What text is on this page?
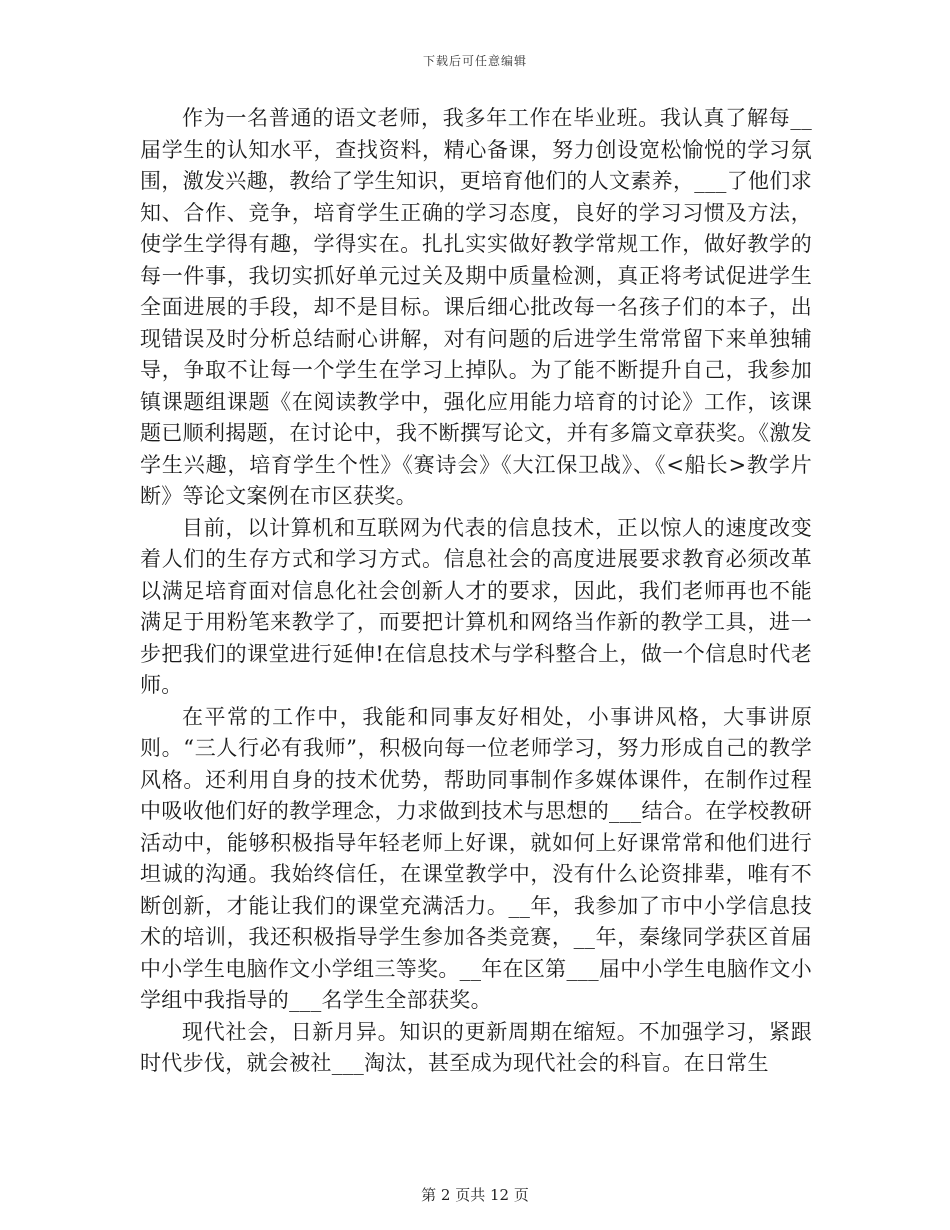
下载后可任意编辑

作为一名普通的语文老师，我多年工作在毕业班。我认真了解每__届学生的认知水平，查找资料，精心备课，努力创设宽松愉悦的学习氛围，激发兴趣，教给了学生知识，更培育他们的人文素养，___了他们求知、合作、竞争，培育学生正确的学习态度，良好的学习习惯及方法，使学生学得有趣，学得实在。扎扎实实做好教学常规工作，做好教学的每一件事，我切实抓好单元过关及期中质量检测，真正将考试促进学生全面进展的手段，却不是目标。课后细心批改每一名孩子们的本子，出现错误及时分析总结耐心讲解，对有问题的后进学生常常留下来单独辅导，争取不让每一个学生在学习上掉队。为了能不断提升自己，我参加镇课题组课题《在阅读教学中，强化应用能力培育的讨论》工作，该课题已顺利揭题，在讨论中，我不断撰写论文，并有多篇文章获奖。《激发学生兴趣，培育学生个性》《赛诗会》《大江保卫战》、《<船长>教学片断》等论文案例在市区获奖。

目前，以计算机和互联网为代表的信息技术，正以惊人的速度改变着人们的生存方式和学习方式。信息社会的高度进展要求教育必须改革以满足培育面对信息化社会创新人才的要求，因此，我们老师再也不能满足于用粉笔来教学了，而要把计算机和网络当作新的教学工具，进一步把我们的课堂进行延伸!在信息技术与学科整合上，做一个信息时代老师。

在平常的工作中，我能和同事友好相处，小事讲风格，大事讲原则。“三人行必有我师”，积极向每一位老师学习，努力形成自己的教学风格。还利用自身的技术优势，帮助同事制作多媒体课件，在制作过程中吸收他们好的教学理念，力求做到技术与思想的___结合。在学校教研活动中，能够积极指导年轻老师上好课，就如何上好课常常和他们进行坦诚的沟通。我始终信任，在课堂教学中，没有什么论资排辈，唯有不断创新，才能让我们的课堂充满活力。__年，我参加了市中小学信息技术的培训，我还积极指导学生参加各类竞赛，__年，秦缘同学获区首届中小学生电脑作文小学组三等奖。__年在区第___届中小学生电脑作文小学组中我指导的___名学生全部获奖。

现代社会，日新月异。知识的更新周期在缩短。不加强学习，紧跟时代步伐，就会被社___淘汰，甚至成为现代社会的科盲。在日常生

第 2 页共 12 页
